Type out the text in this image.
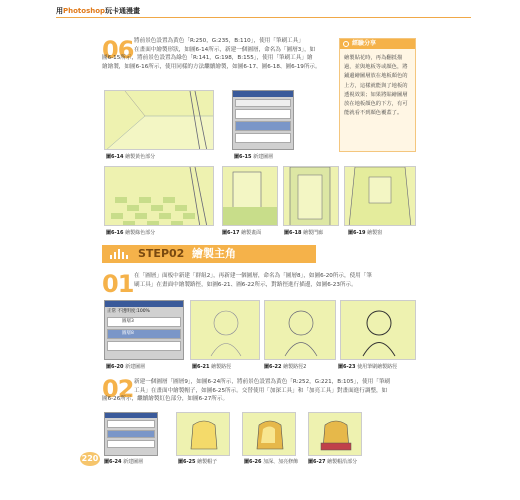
用Photoshop玩卡通漫畫
06 將前景色設置為黃色「R:250，G:235，B:110」，使用「筆刷工具」
在畫面中繪製形狀，如圖6-14所示，新建一個圖層，命名為「圖層3」，如
圖6-15所示，將前景色設置為綠色「R:141，G:198，B:155」，使用「筆刷工具」繪
繪繪製，如圖6-16所示，使用同樣的方法繼續繪製，如圖6-17、圖6-18、圖6-19所示。
經驗分享
繪製貼花時，再為翻抵描過，並與地板等或顏色，將鋪邊繪圖層放在地板顏色的上方，這樣就能與了地板的透視效果；如果將貼繪圖層放在地板顏色的下方，有可能就看不到顏色覆蓋了。
圖6-14 繪製黃色部分	圖6-15 新建圖層
圖6-16 繪製綠色部分	圖6-17 繪製畫面	圖6-18 繪製門廊	圖6-19 繪製窗
STEP02 繪製主角
01 在「圖層」面板中新建「群組2」，再新建一個圖層，命名為「圖層8」，如圖6-20所示，使用「筆
刷工具」在畫面中繪製路徑，如圖6-21、圖6-22所示，對路徑進行描邊，如圖6-23所示。
正常 不透明度:100%
圖層3
圖層8
圖6-20 新建圖層	圖6-21 繪製路徑	圖6-22 繪製路徑2	圖6-23 使用筆刷繪製路徑
02 新建一個圖層「圖層9」，如圖6-24所示，將前景色設置為黃色「R:252，G:221，B:105」，使用「筆刷
工具」在畫面中繪製帽子，如圖6-25所示。交替使用「加深工具」和「加亮工具」對畫面進行調整，如
圖6-26所示，繼續繪製紅色部分，如圖6-27所示。
圖6-24 新建圖層	圖6-25 繪製帽子	圖6-26 加深、加亮修飾 圖6-27 繪製帽沿部分
220
